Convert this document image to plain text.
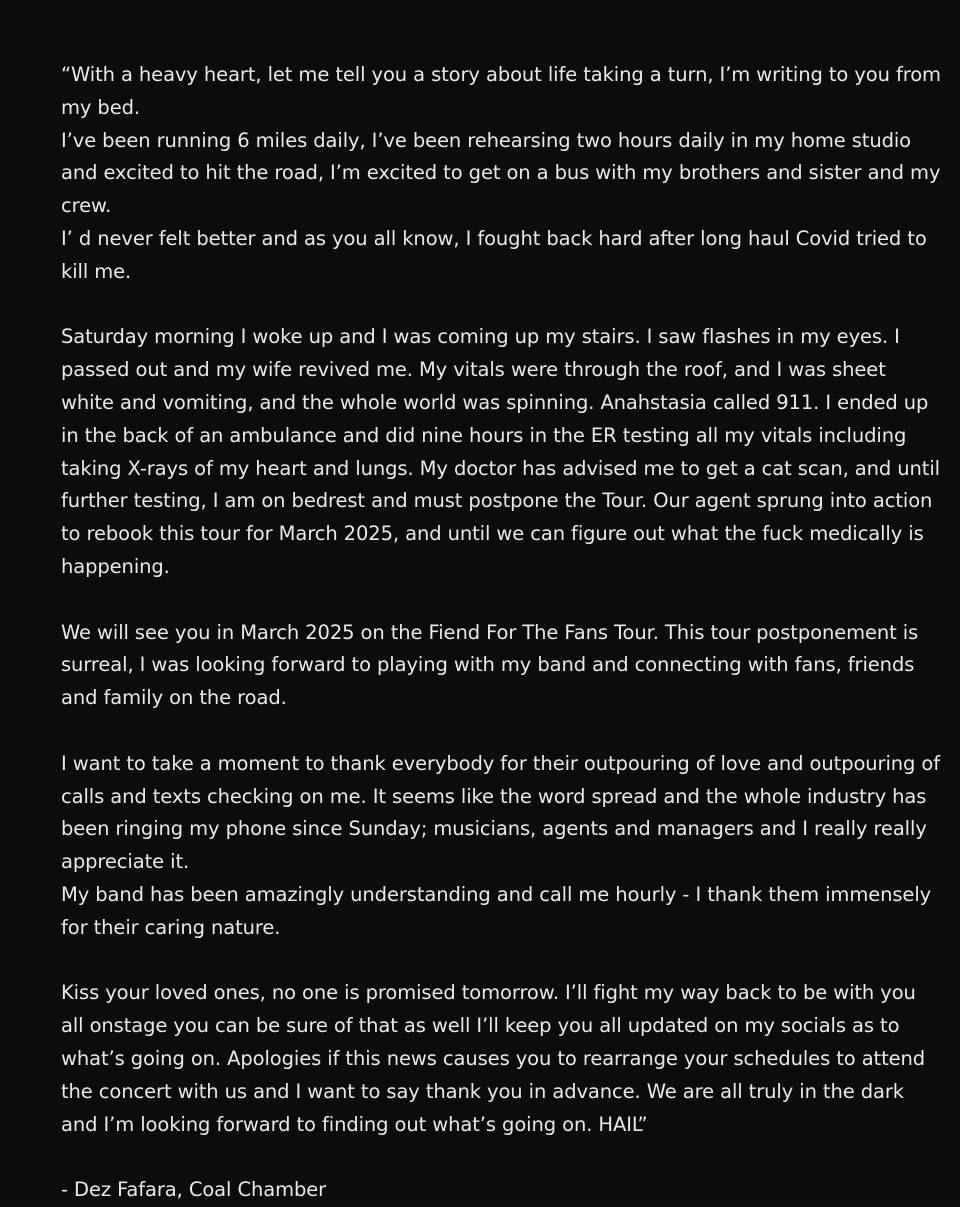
“With a heavy heart, let me tell you a story about life taking a turn, I’m writing to you from my bed.
I’ve been running 6 miles daily, I’ve been rehearsing two hours daily in my home studio and excited to hit the road, I’m excited to get on a bus with my brothers and sister and my crew.
I’ d never felt better and as you all know, I fought back hard after long haul Covid tried to kill me.
Saturday morning I woke up and I was coming up my stairs. I saw flashes in my eyes. I passed out and my wife revived me. My vitals were through the roof, and I was sheet white and vomiting, and the whole world was spinning. Anahstasia called 911. I ended up in the back of an ambulance and did nine hours in the ER testing all my vitals including taking X-rays of my heart and lungs. My doctor has advised me to get a cat scan, and until further testing, I am on bedrest and must postpone the Tour. Our agent sprung into action to rebook this tour for March 2025, and until we can figure out what the fuck medically is happening.
We will see you in March 2025 on the Fiend For The Fans Tour. This tour postponement is surreal, I was looking forward to playing with my band and connecting with fans, friends and family on the road.
I want to take a moment to thank everybody for their outpouring of love and outpouring of calls and texts checking on me. It seems like the word spread and the whole industry has been ringing my phone since Sunday; musicians, agents and managers and I really really appreciate it.
My band has been amazingly understanding and call me hourly - I thank them immensely for their caring nature.
Kiss your loved ones, no one is promised tomorrow. I’ll fight my way back to be with you all onstage you can be sure of that as well I’ll keep you all updated on my socials as to what’s going on. Apologies if this news causes you to rearrange your schedules to attend the concert with us and I want to say thank you in advance. We are all truly in the dark and I’m looking forward to finding out what’s going on. HAIL”

- Dez Fafara, Coal Chamber
